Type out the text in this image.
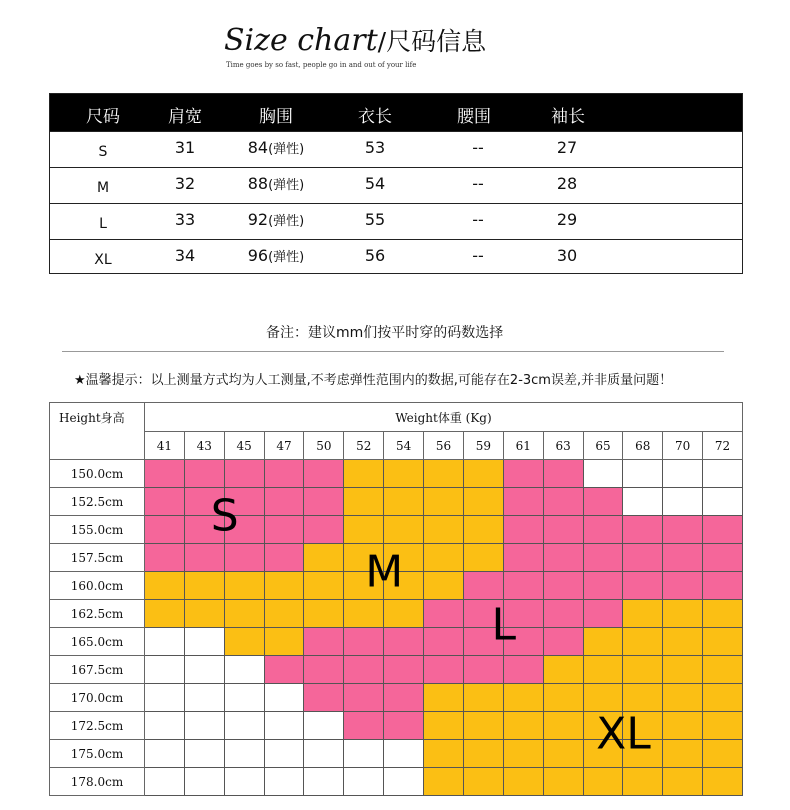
Size chart/尺码信息
Time goes by so fast, people go in and out of your life
尺码	肩宽	胸围	衣长	腰围	袖长
S	31	84(弹性)	53	--	27
M	32	88(弹性)	54	--	28
L	33	92(弹性)	55	--	29
XL	34	96(弹性)	56	--	30
备注：建议mm们按平时穿的码数选择
★温馨提示：以上测量方式均为人工测量,不考虑弹性范围内的数据,可能存在2-3cm误差,并非质量问题！
Height身高	Weight体重 (Kg)
41	43	45	47	50	52	54	56	59	61	63	65	68	70	72
150.0cm
152.5cm
155.0cm
157.5cm
160.0cm
162.5cm
165.0cm
167.5cm
170.0cm
172.5cm
175.0cm
178.0cm
S
M
L
XL
